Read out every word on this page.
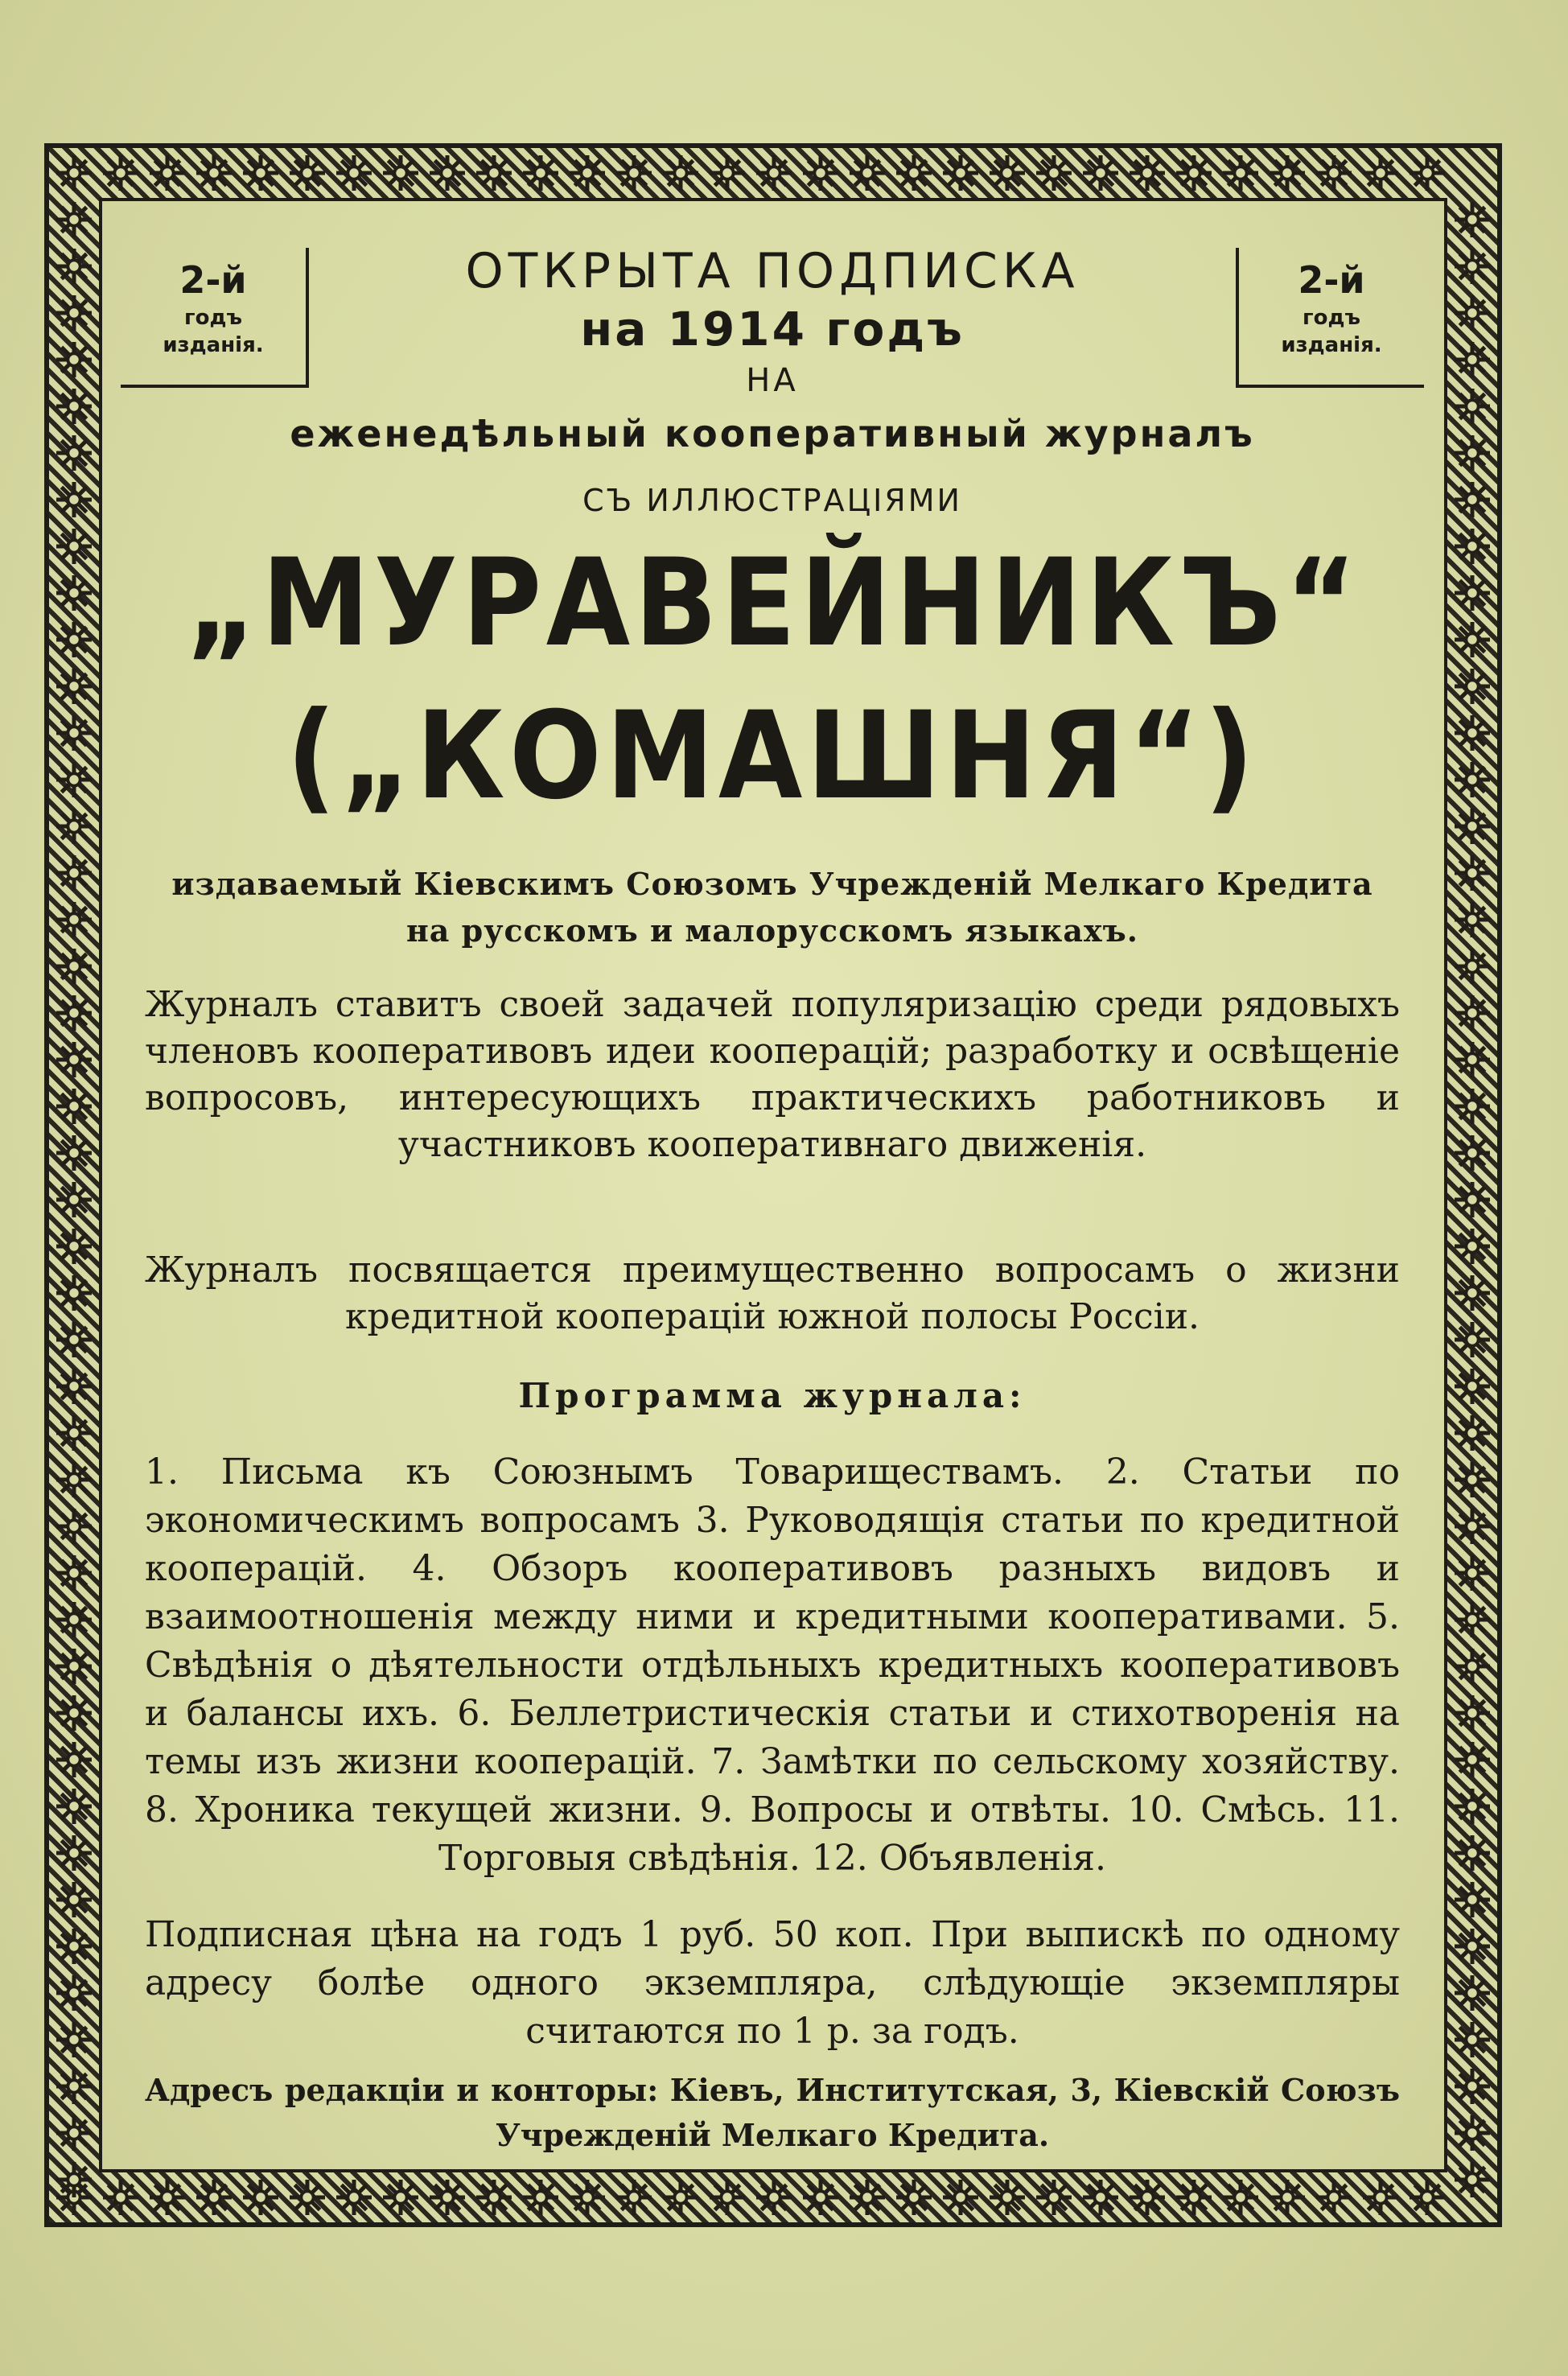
2-й
годъ
изданія.
2-й
годъ
изданія.
ОТКРЫТА ПОДПИСКА
на 1914 годъ
НА
еженедѣльный кооперативный журналъ
СЪ ИЛЛЮСТРАЦІЯМИ
„МУРАВЕЙНИКЪ“
(„КОМАШНЯ“)
издаваемый Кіевскимъ Союзомъ Учрежденій Мелкаго Кредита на русскомъ и малорусскомъ языкахъ.
Журналъ ставитъ своей задачей популяризацію среди рядовыхъ членовъ кооперативовъ идеи кооперацій; разработку и освѣщеніе вопросовъ, интересующихъ практическихъ работниковъ и участниковъ кооперативнаго движенія.
Журналъ посвящается преимущественно вопросамъ о жизни кредитной кооперацій южной полосы Россіи.
Программа журнала:
1. Письма къ Союзнымъ Товариществамъ. 2. Статьи по экономическимъ вопросамъ 3. Руководящія статьи по кредитной кооперацій. 4. Обзоръ кооперативовъ разныхъ видовъ и взаимоотношенія между ними и кредитными кооперативами. 5. Свѣдѣнія о дѣятельности отдѣльныхъ кредитныхъ кооперативовъ и балансы ихъ. 6. Беллетристическія статьи и стихотворенія на темы изъ жизни кооперацій. 7. Замѣтки по сельскому хозяйству. 8. Хроника текущей жизни. 9. Вопросы и отвѣты. 10. Смѣсь. 11. Торговыя свѣдѣнія. 12. Объявленія.
Подписная цѣна на годъ 1 руб. 50 коп. При выпискѣ по одному адресу болѣе одного экземпляра, слѣдующіе экземпляры считаются по 1 р. за годъ.
Адресъ редакціи и конторы: Кіевъ, Институтская, 3, Кіевскій Союзъ Учрежденій Мелкаго Кредита.
